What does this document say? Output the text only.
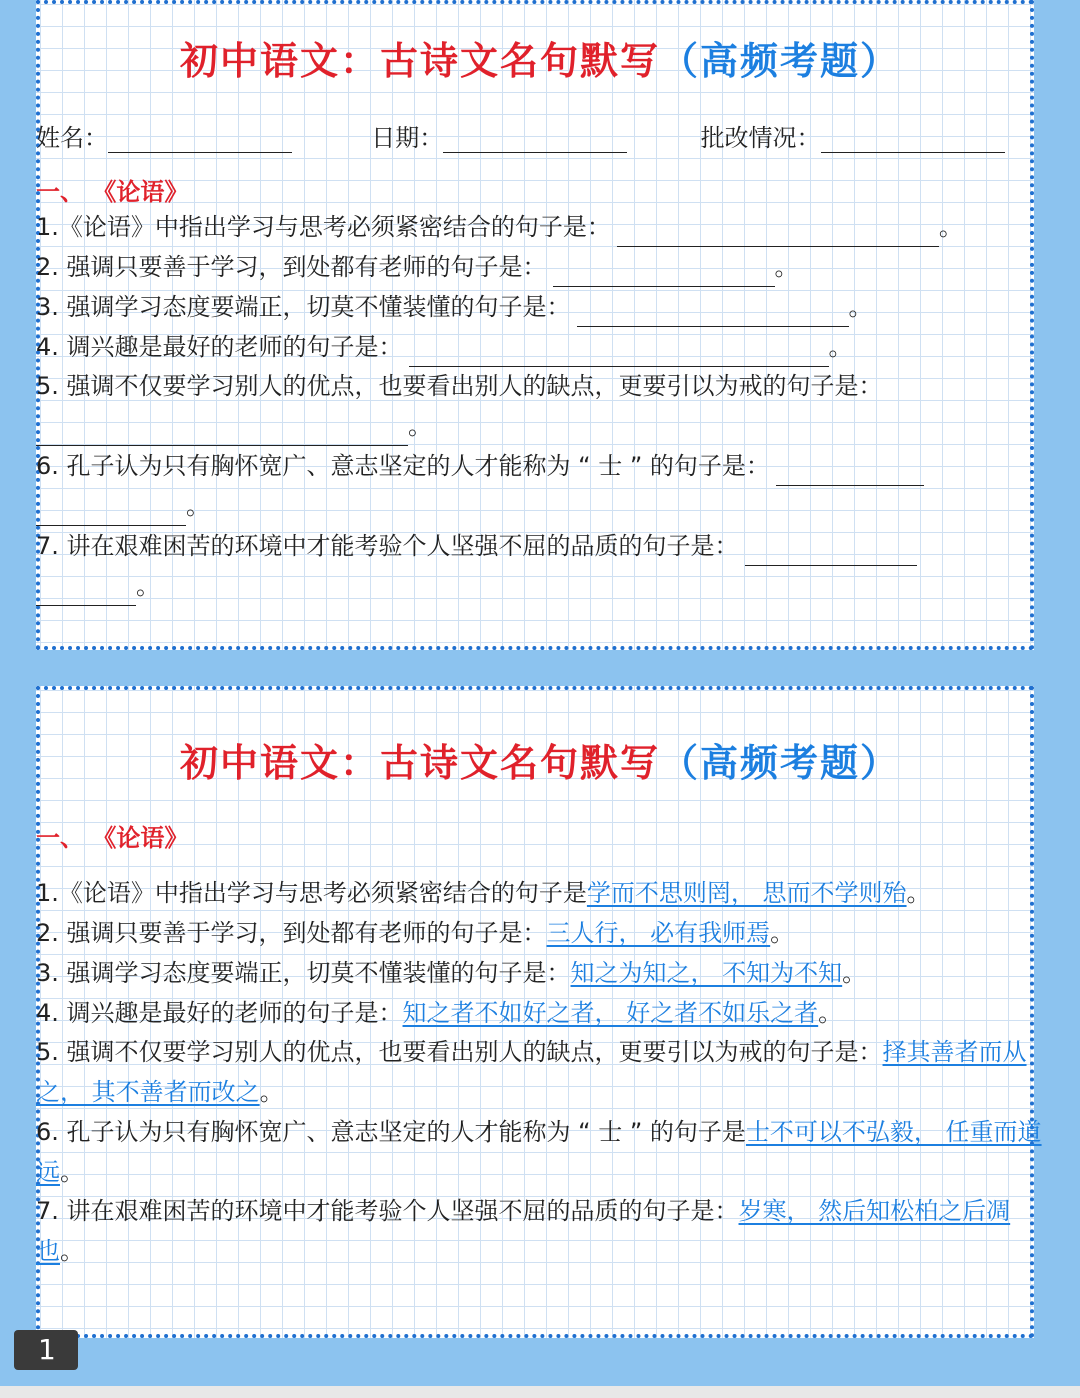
初中语文：古诗文名句默写（高频考题）
姓名：	日期：	批改情况：
一、 《论语》
1.《论语》中指出学习与思考必须紧密结合的句子是：	。
2. 强调只要善于学习，到处都有老师的句子是：	。
3. 强调学习态度要端正，切莫不懂装懂的句子是：	。
4. 调兴趣是最好的老师的句子是：	。
5. 强调不仅要学习别人的优点，也要看出别人的缺点，更要引以为戒的句子是：
。
6. 孔子认为只有胸怀宽广、意志坚定的人才能称为 “ 士 ” 的句子是：
。
7. 讲在艰难困苦的环境中才能考验个人坚强不屈的品质的句子是：
。
初中语文：古诗文名句默写（高频考题）
一、 《论语》
1.《论语》中指出学习与思考必须紧密结合的句子是学而不思则罔， 思而不学则殆。
2. 强调只要善于学习，到处都有老师的句子是：三人行， 必有我师焉。
3. 强调学习态度要端正，切莫不懂装懂的句子是：知之为知之， 不知为不知。
4. 调兴趣是最好的老师的句子是：知之者不如好之者， 好之者不如乐之者。
5. 强调不仅要学习别人的优点，也要看出别人的缺点，更要引以为戒的句子是：择其善者而从之， 其不善者而改之。
6. 孔子认为只有胸怀宽广、意志坚定的人才能称为 “ 士 ” 的句子是士不可以不弘毅， 任重而道远。
7. 讲在艰难困苦的环境中才能考验个人坚强不屈的品质的句子是：岁寒， 然后知松柏之后凋也。
1
